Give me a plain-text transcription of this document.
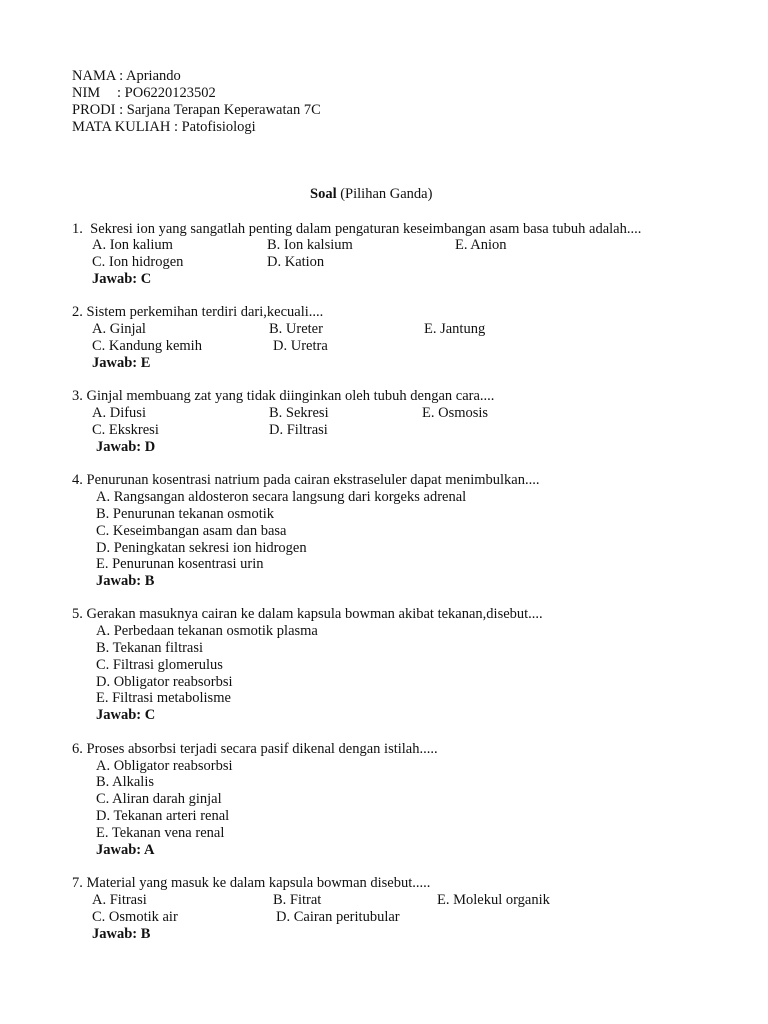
NAMA : Apriando
NIM : PO6220123502
PRODI : Sarjana Terapan Keperawatan 7C
MATA KULIAH : Patofisiologi
Soal (Pilihan Ganda)
1.  Sekresi ion yang sangatlah penting dalam pengaturan keseimbangan asam basa tubuh adalah....
A. Ion kalium	B. Ion kalsium	E. Anion
C. Ion hidrogen	D. Kation
Jawab: C
2. Sistem perkemihan terdiri dari,kecuali....
A. Ginjal	B. Ureter	E. Jantung
C. Kandung kemih	D. Uretra
Jawab: E
3. Ginjal membuang zat yang tidak diinginkan oleh tubuh dengan cara....
A. Difusi	B. Sekresi	E. Osmosis
C. Ekskresi	D. Filtrasi
Jawab: D
4. Penurunan kosentrasi natrium pada cairan ekstraseluler dapat menimbulkan....
A. Rangsangan aldosteron secara langsung dari korgeks adrenal
B. Penurunan tekanan osmotik
C. Keseimbangan asam dan basa
D. Peningkatan sekresi ion hidrogen
E. Penurunan kosentrasi urin
Jawab: B
5. Gerakan masuknya cairan ke dalam kapsula bowman akibat tekanan,disebut....
A. Perbedaan tekanan osmotik plasma
B. Tekanan filtrasi
C. Filtrasi glomerulus
D. Obligator reabsorbsi
E. Filtrasi metabolisme
Jawab: C
6. Proses absorbsi terjadi secara pasif dikenal dengan istilah.....
A. Obligator reabsorbsi
B. Alkalis
C. Aliran darah ginjal
D. Tekanan arteri renal
E. Tekanan vena renal
Jawab: A
7. Material yang masuk ke dalam kapsula bowman disebut.....
A. Fitrasi	B. Fitrat	E. Molekul organik
C. Osmotik air	D. Cairan peritubular
Jawab: B
